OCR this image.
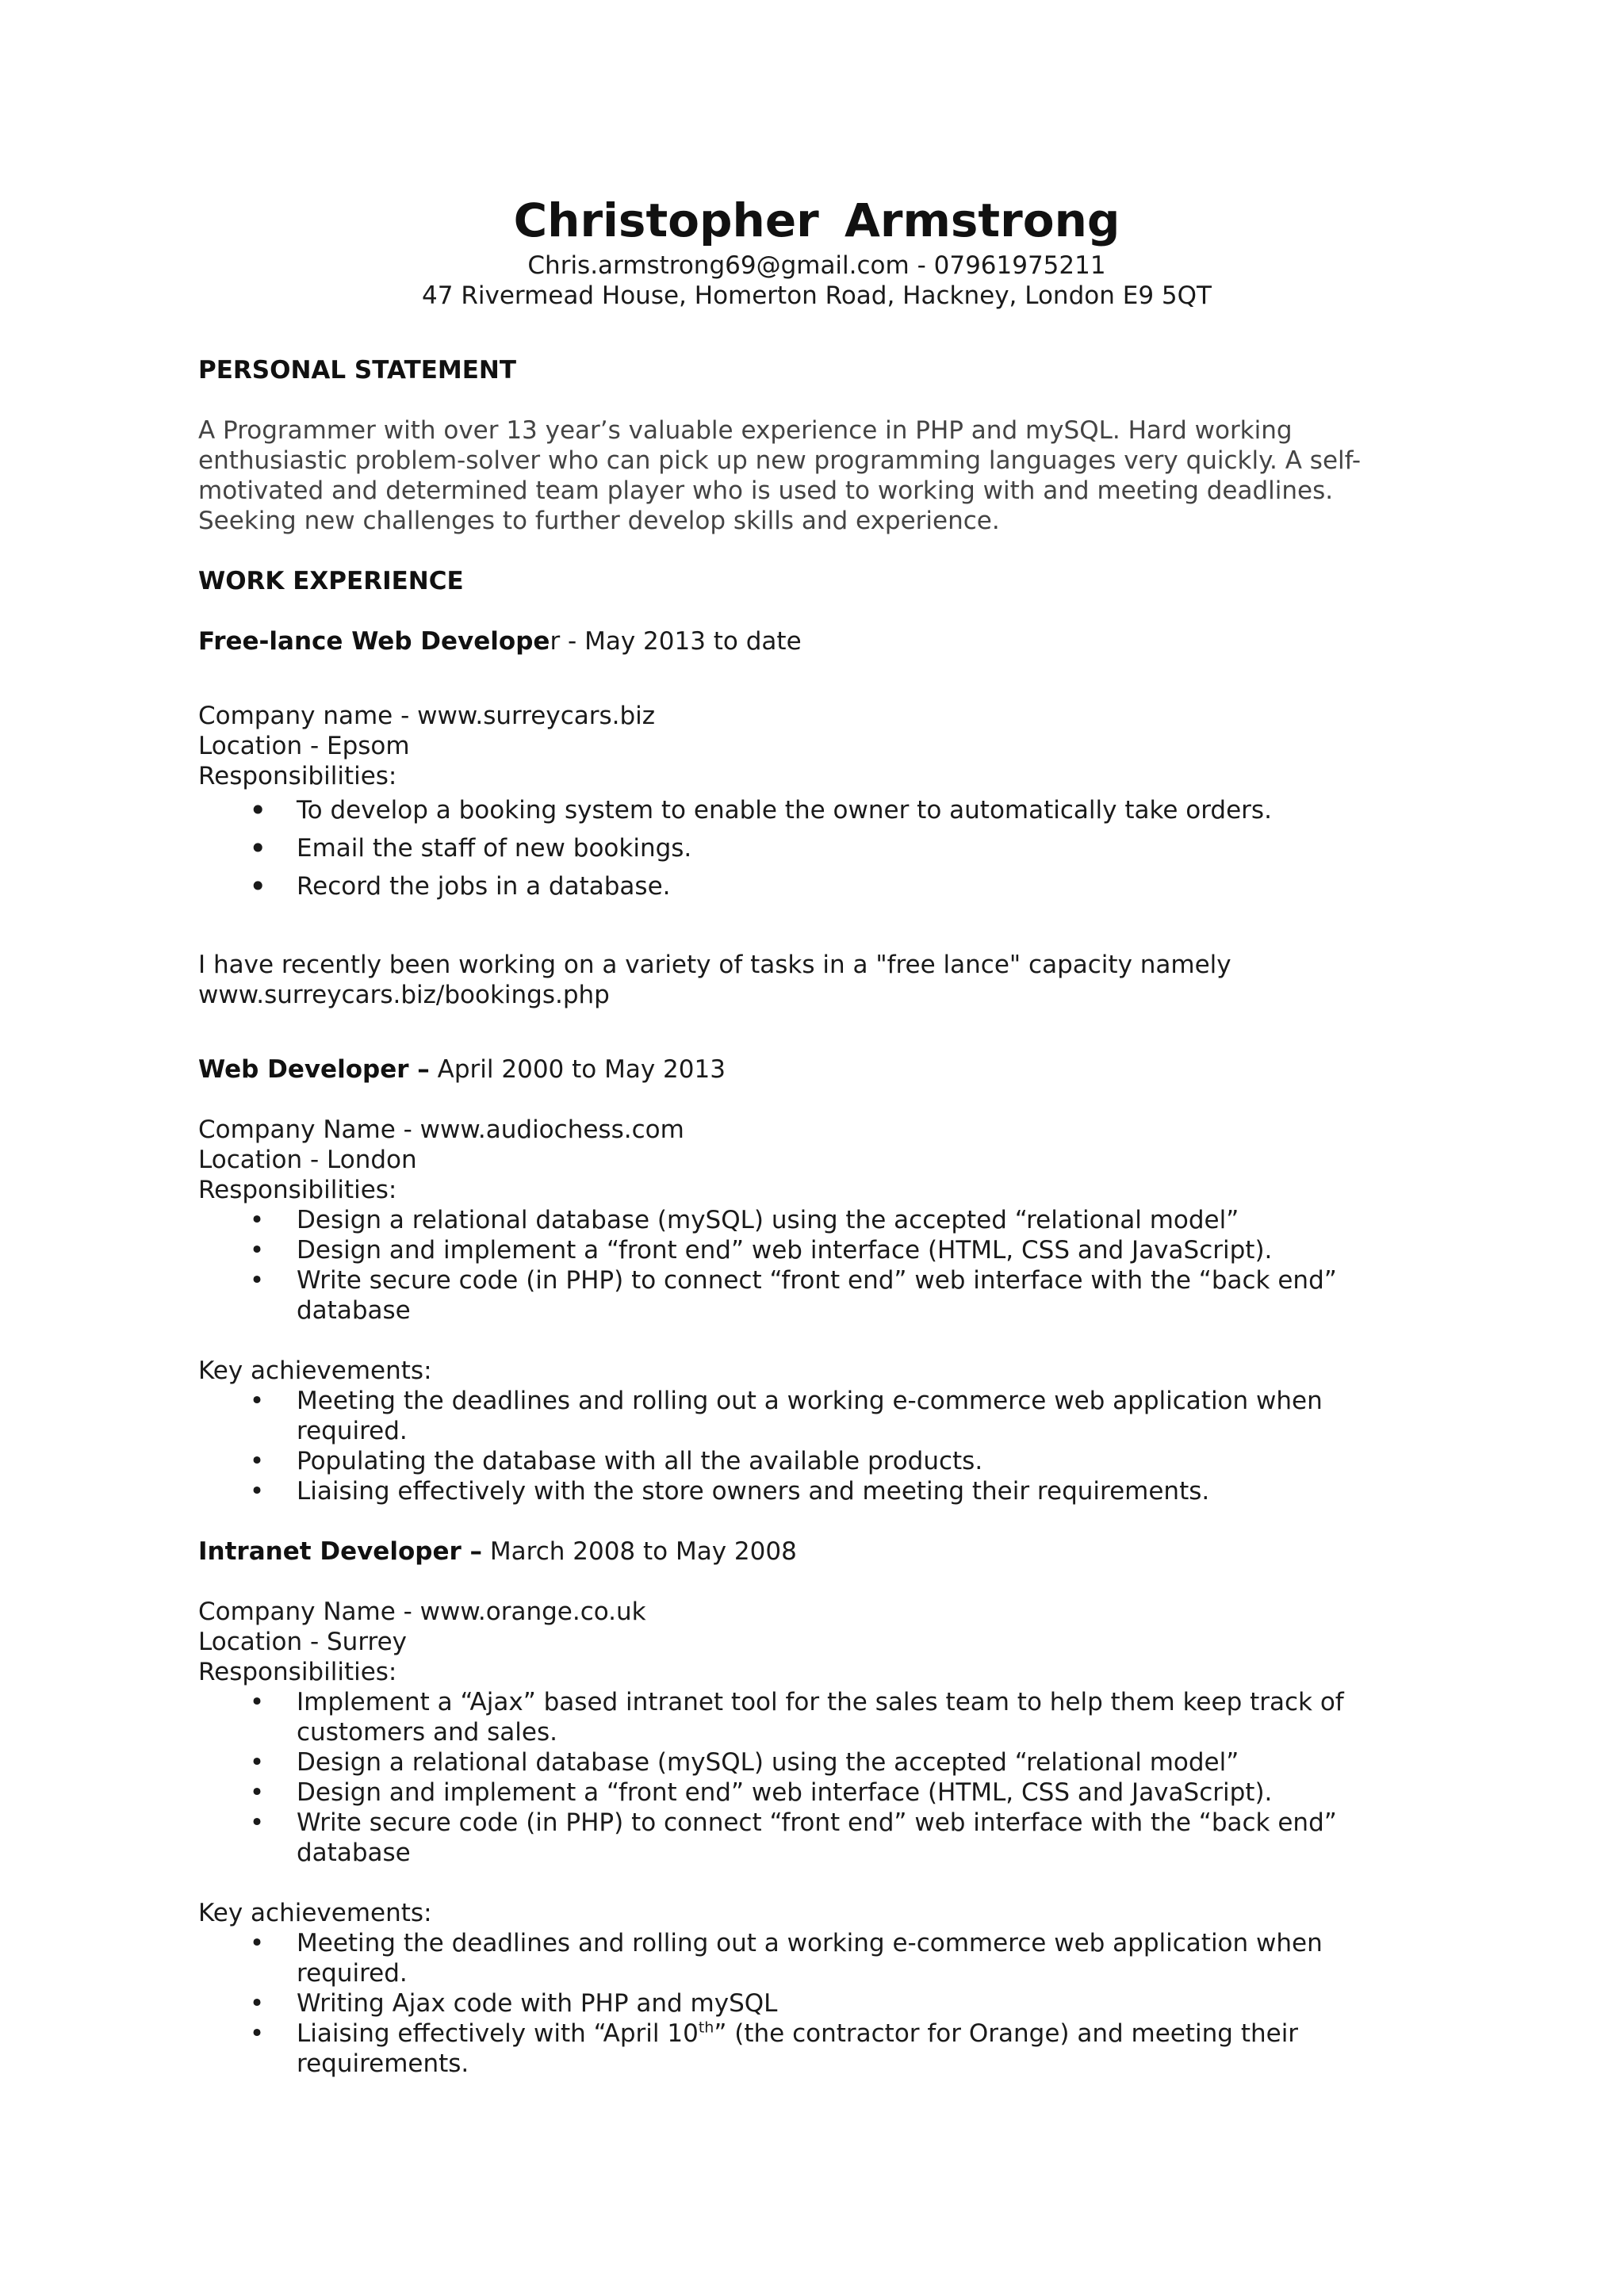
Christopher Armstrong

Chris.armstrong69@gmail.com - 07961975211

47 Rivermead House, Homerton Road, Hackney, London E9 5QT

PERSONAL STATEMENT

A Programmer with over 13 year’s valuable experience in PHP and mySQL. Hard working

enthusiastic problem-solver who can pick up new programming languages very quickly. A self-

motivated and determined team player who is used to working with and meeting deadlines.

Seeking new challenges to further develop skills and experience.

WORK EXPERIENCE

Free-lance Web Developer - May 2013 to date

Company name - www.surreycars.biz

Location - Epsom

Responsibilities:

• To develop a booking system to enable the owner to automatically take orders.
• Email the staff of new bookings.
• Record the jobs in a database.

I have recently been working on a variety of tasks in a "free lance" capacity namely

www.surreycars.biz/bookings.php

Web Developer – April 2000 to May 2013

Company Name - www.audiochess.com

Location - London

Responsibilities:

• Design a relational database (mySQL) using the accepted “relational model”
• Design and implement a “front end” web interface (HTML, CSS and JavaScript).
• Write secure code (in PHP) to connect “front end” web interface with the “back end”
database

Key achievements:

• Meeting the deadlines and rolling out a working e-commerce web application when
required.
• Populating the database with all the available products.
• Liaising effectively with the store owners and meeting their requirements.

Intranet Developer – March 2008 to May 2008

Company Name - www.orange.co.uk

Location - Surrey

Responsibilities:

• Implement a “Ajax” based intranet tool for the sales team to help them keep track of
customers and sales.
• Design a relational database (mySQL) using the accepted “relational model”
• Design and implement a “front end” web interface (HTML, CSS and JavaScript).
• Write secure code (in PHP) to connect “front end” web interface with the “back end”
database

Key achievements:

• Meeting the deadlines and rolling out a working e-commerce web application when
required.
• Writing Ajax code with PHP and mySQL
• Liaising effectively with “April 10th” (the contractor for Orange) and meeting their
requirements.
